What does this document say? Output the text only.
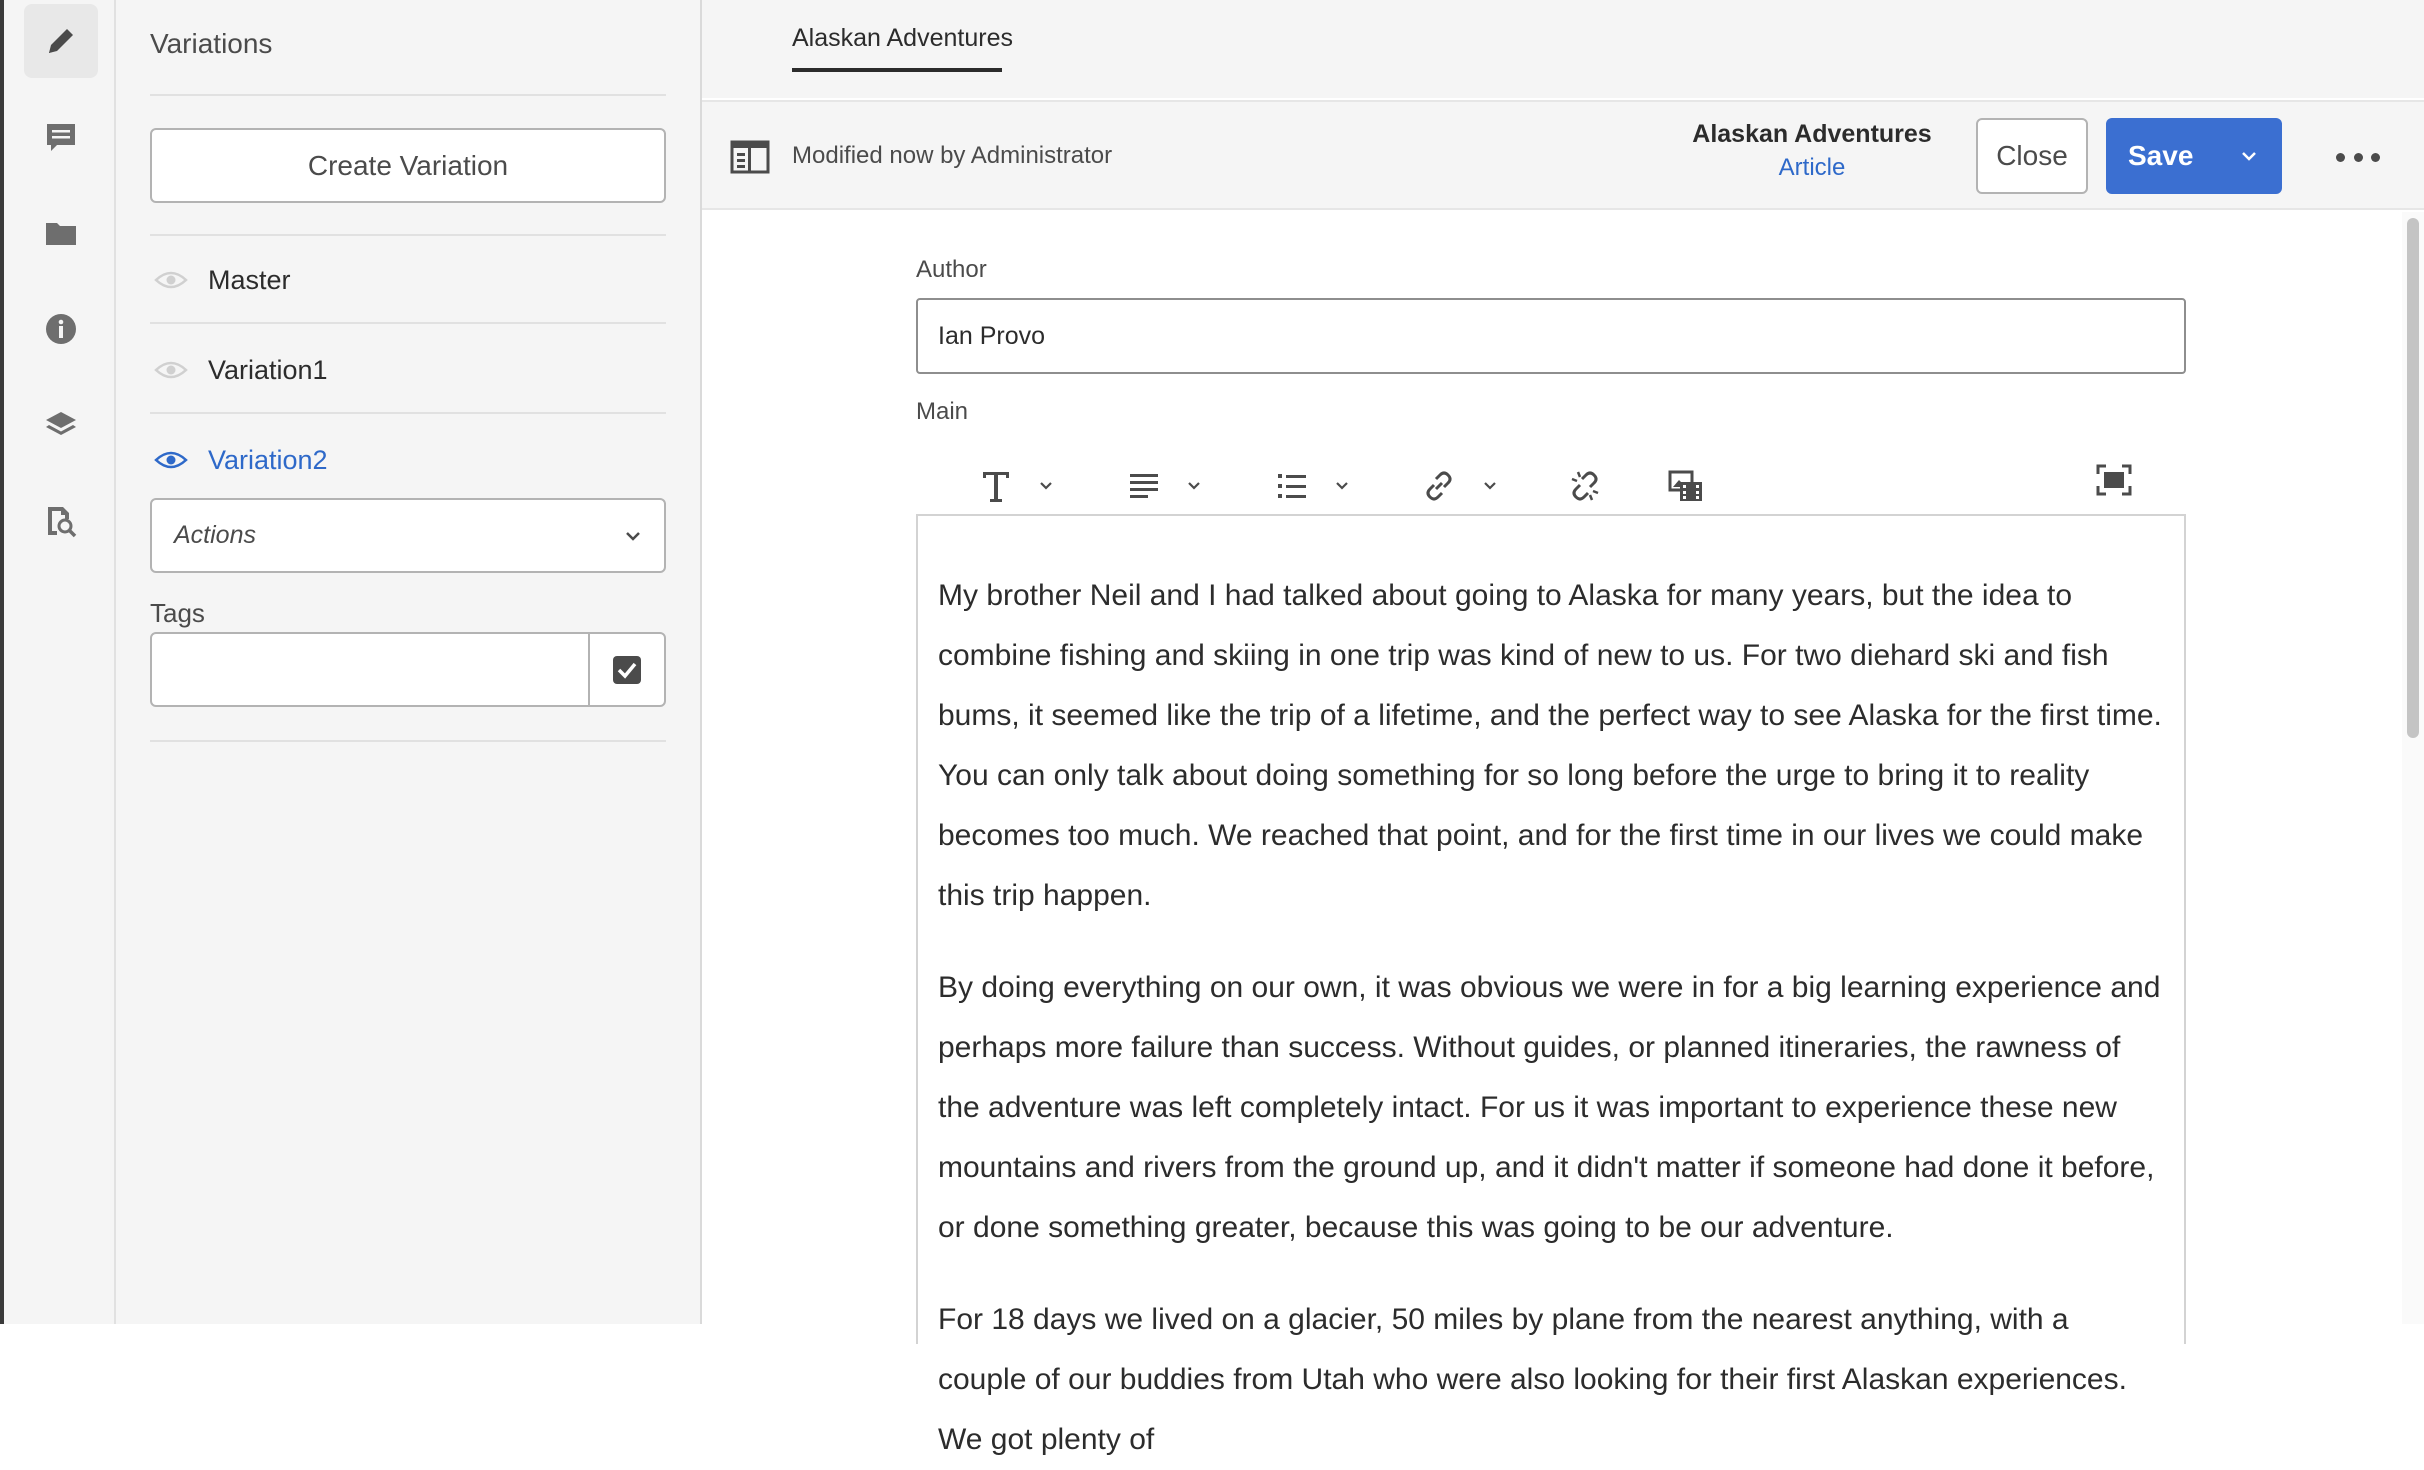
Variations
Create Variation
Master
Variation1
Variation2
Actions
Tags
Alaskan Adventures
Modified now by Administrator
Alaskan Adventures
Article	Close	Save
Author
Ian Provo
Main

My brother Neil and I had talked about going to Alaska for many years, but the idea to combine fishing and skiing in one trip was kind of new to us. For two diehard ski and fish bums, it seemed like the trip of a lifetime, and the perfect way to see Alaska for the first time. You can only talk about doing something for so long before the urge to bring it to reality becomes too much. We reached that point, and for the first time in our lives we could make this trip happen.

By doing everything on our own, it was obvious we were in for a big learning experience and perhaps more failure than success. Without guides, or planned itineraries, the rawness of the adventure was left completely intact. For us it was important to experience these new mountains and rivers from the ground up, and it didn't matter if someone had done it before, or done something greater, because this was going to be our adventure.

For 18 days we lived on a glacier, 50 miles by plane from the nearest anything, with a couple of our buddies from Utah who were also looking for their first Alaskan experiences. We got plenty of
